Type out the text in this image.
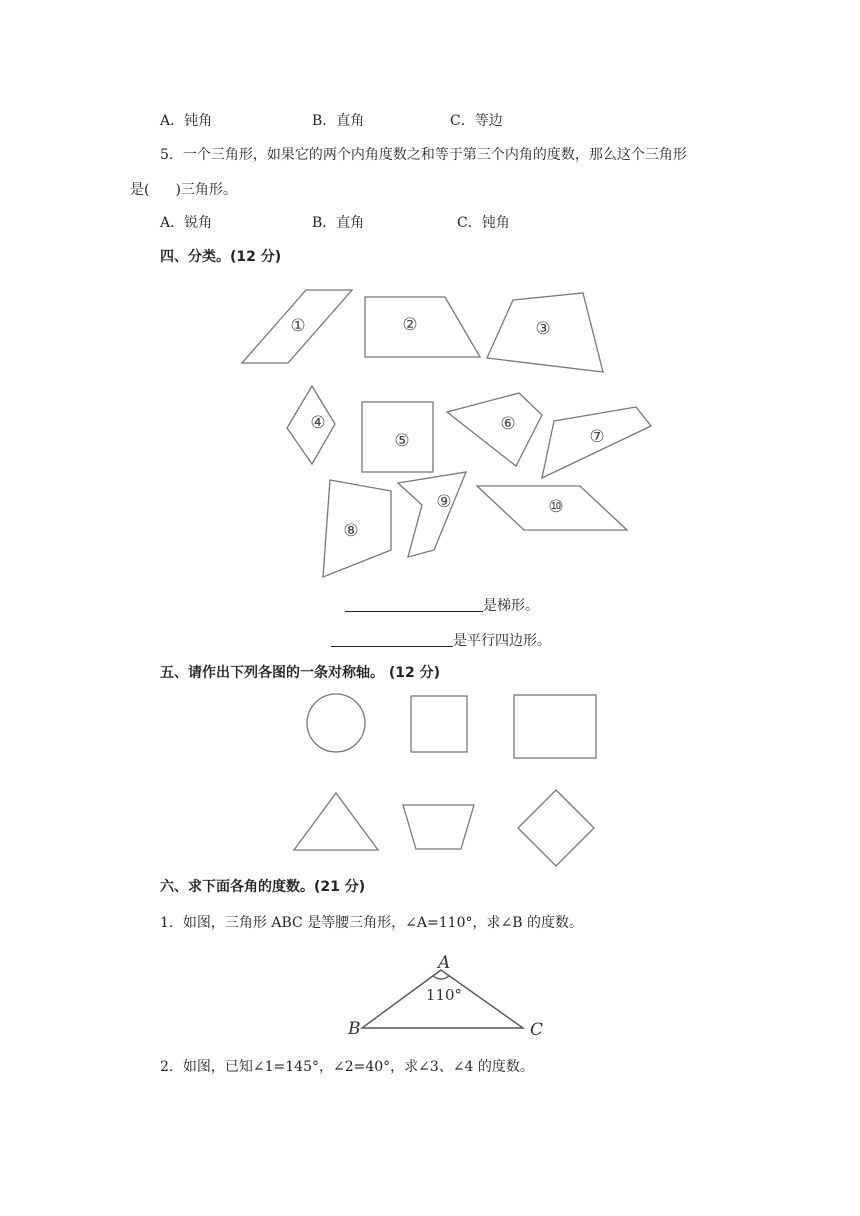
A．钝角	B．直角	C．等边
5．一个三角形，如果它的两个内角度数之和等于第三个内角的度数，那么这个三角形
是( )三角形。
A．锐角	B．直角	C．钝角
四、分类。(12 分)
①	②	③
④
⑤
⑥
⑦
⑧
⑨	⑩
A
B	C
110°
是梯形。
是平行四边形。
五、请作出下列各图的一条对称轴。 (12 分)
六、求下面各角的度数。(21 分)
1．如图，三角形 ABC 是等腰三角形，∠A=110°，求∠B 的度数。
2．如图，已知∠1=145°，∠2=40°，求∠3、∠4 的度数。
